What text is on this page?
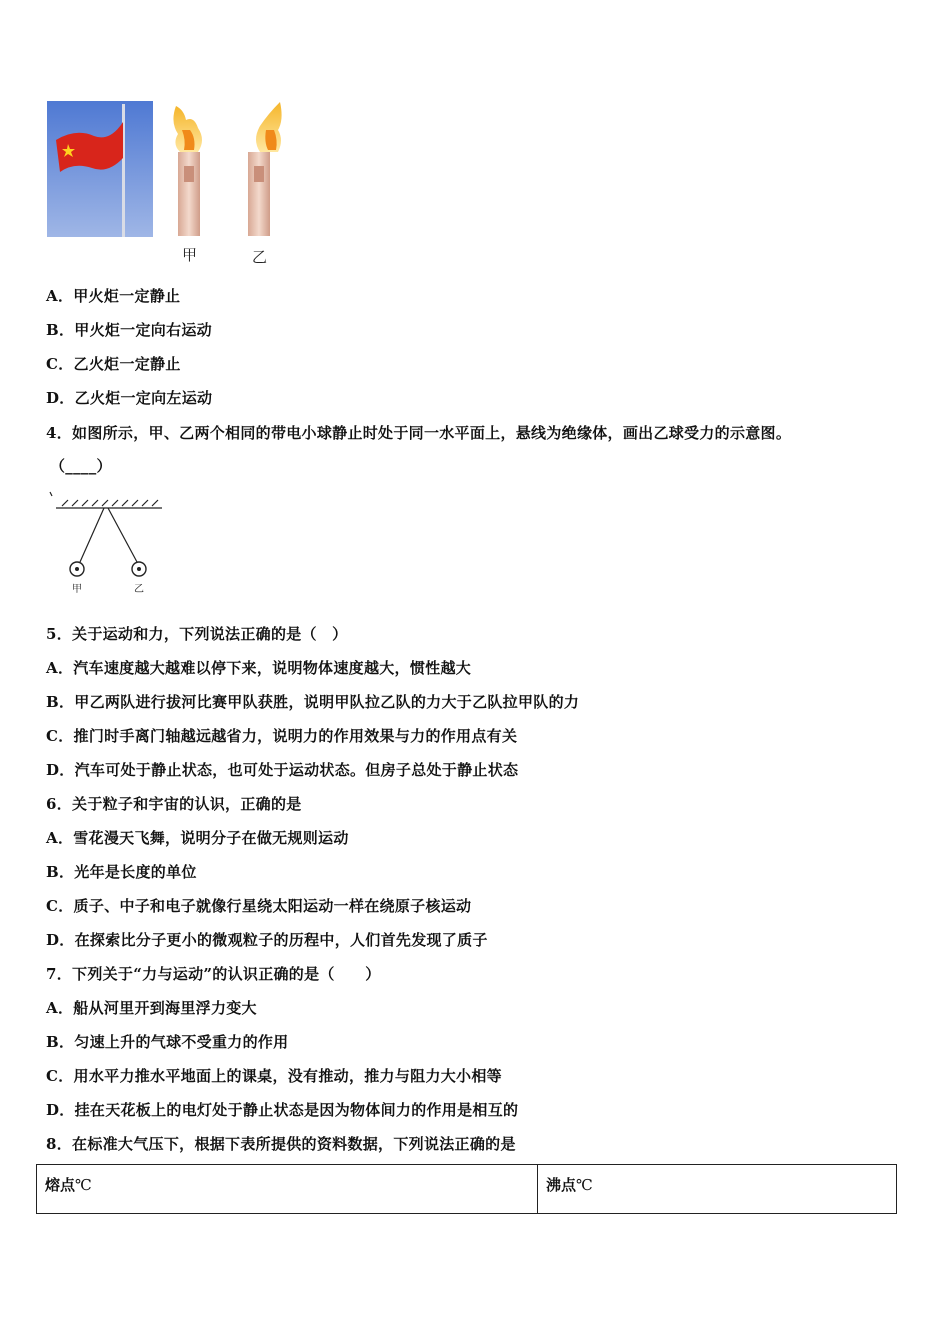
甲	乙
A．甲火炬一定静止
B．甲火炬一定向右运动
C．乙火炬一定静止
D．乙火炬一定向左运动
4．如图所示，甲、乙两个相同的带电小球静止时处于同一水平面上，悬线为绝缘体，画出乙球受力的示意图。
（____）
甲	乙
5．关于运动和力，下列说法正确的是（　）
A．汽车速度越大越难以停下来，说明物体速度越大，惯性越大
B．甲乙两队进行拔河比赛甲队获胜，说明甲队拉乙队的力大于乙队拉甲队的力
C．推门时手离门轴越远越省力，说明力的作用效果与力的作用点有关
D．汽车可处于静止状态，也可处于运动状态。但房子总处于静止状态
6．关于粒子和宇宙的认识，正确的是
A．雪花漫天飞舞，说明分子在做无规则运动
B．光年是长度的单位
C．质子、中子和电子就像行星绕太阳运动一样在绕原子核运动
D．在探索比分子更小的微观粒子的历程中，人们首先发现了质子
7．下列关于“力与运动”的认识正确的是（　　）
A．船从河里开到海里浮力变大
B．匀速上升的气球不受重力的作用
C．用水平力推水平地面上的课桌，没有推动，推力与阻力大小相等
D．挂在天花板上的电灯处于静止状态是因为物体间力的作用是相互的
8．在标准大气压下，根据下表所提供的资料数据，下列说法正确的是
熔点℃	沸点℃
